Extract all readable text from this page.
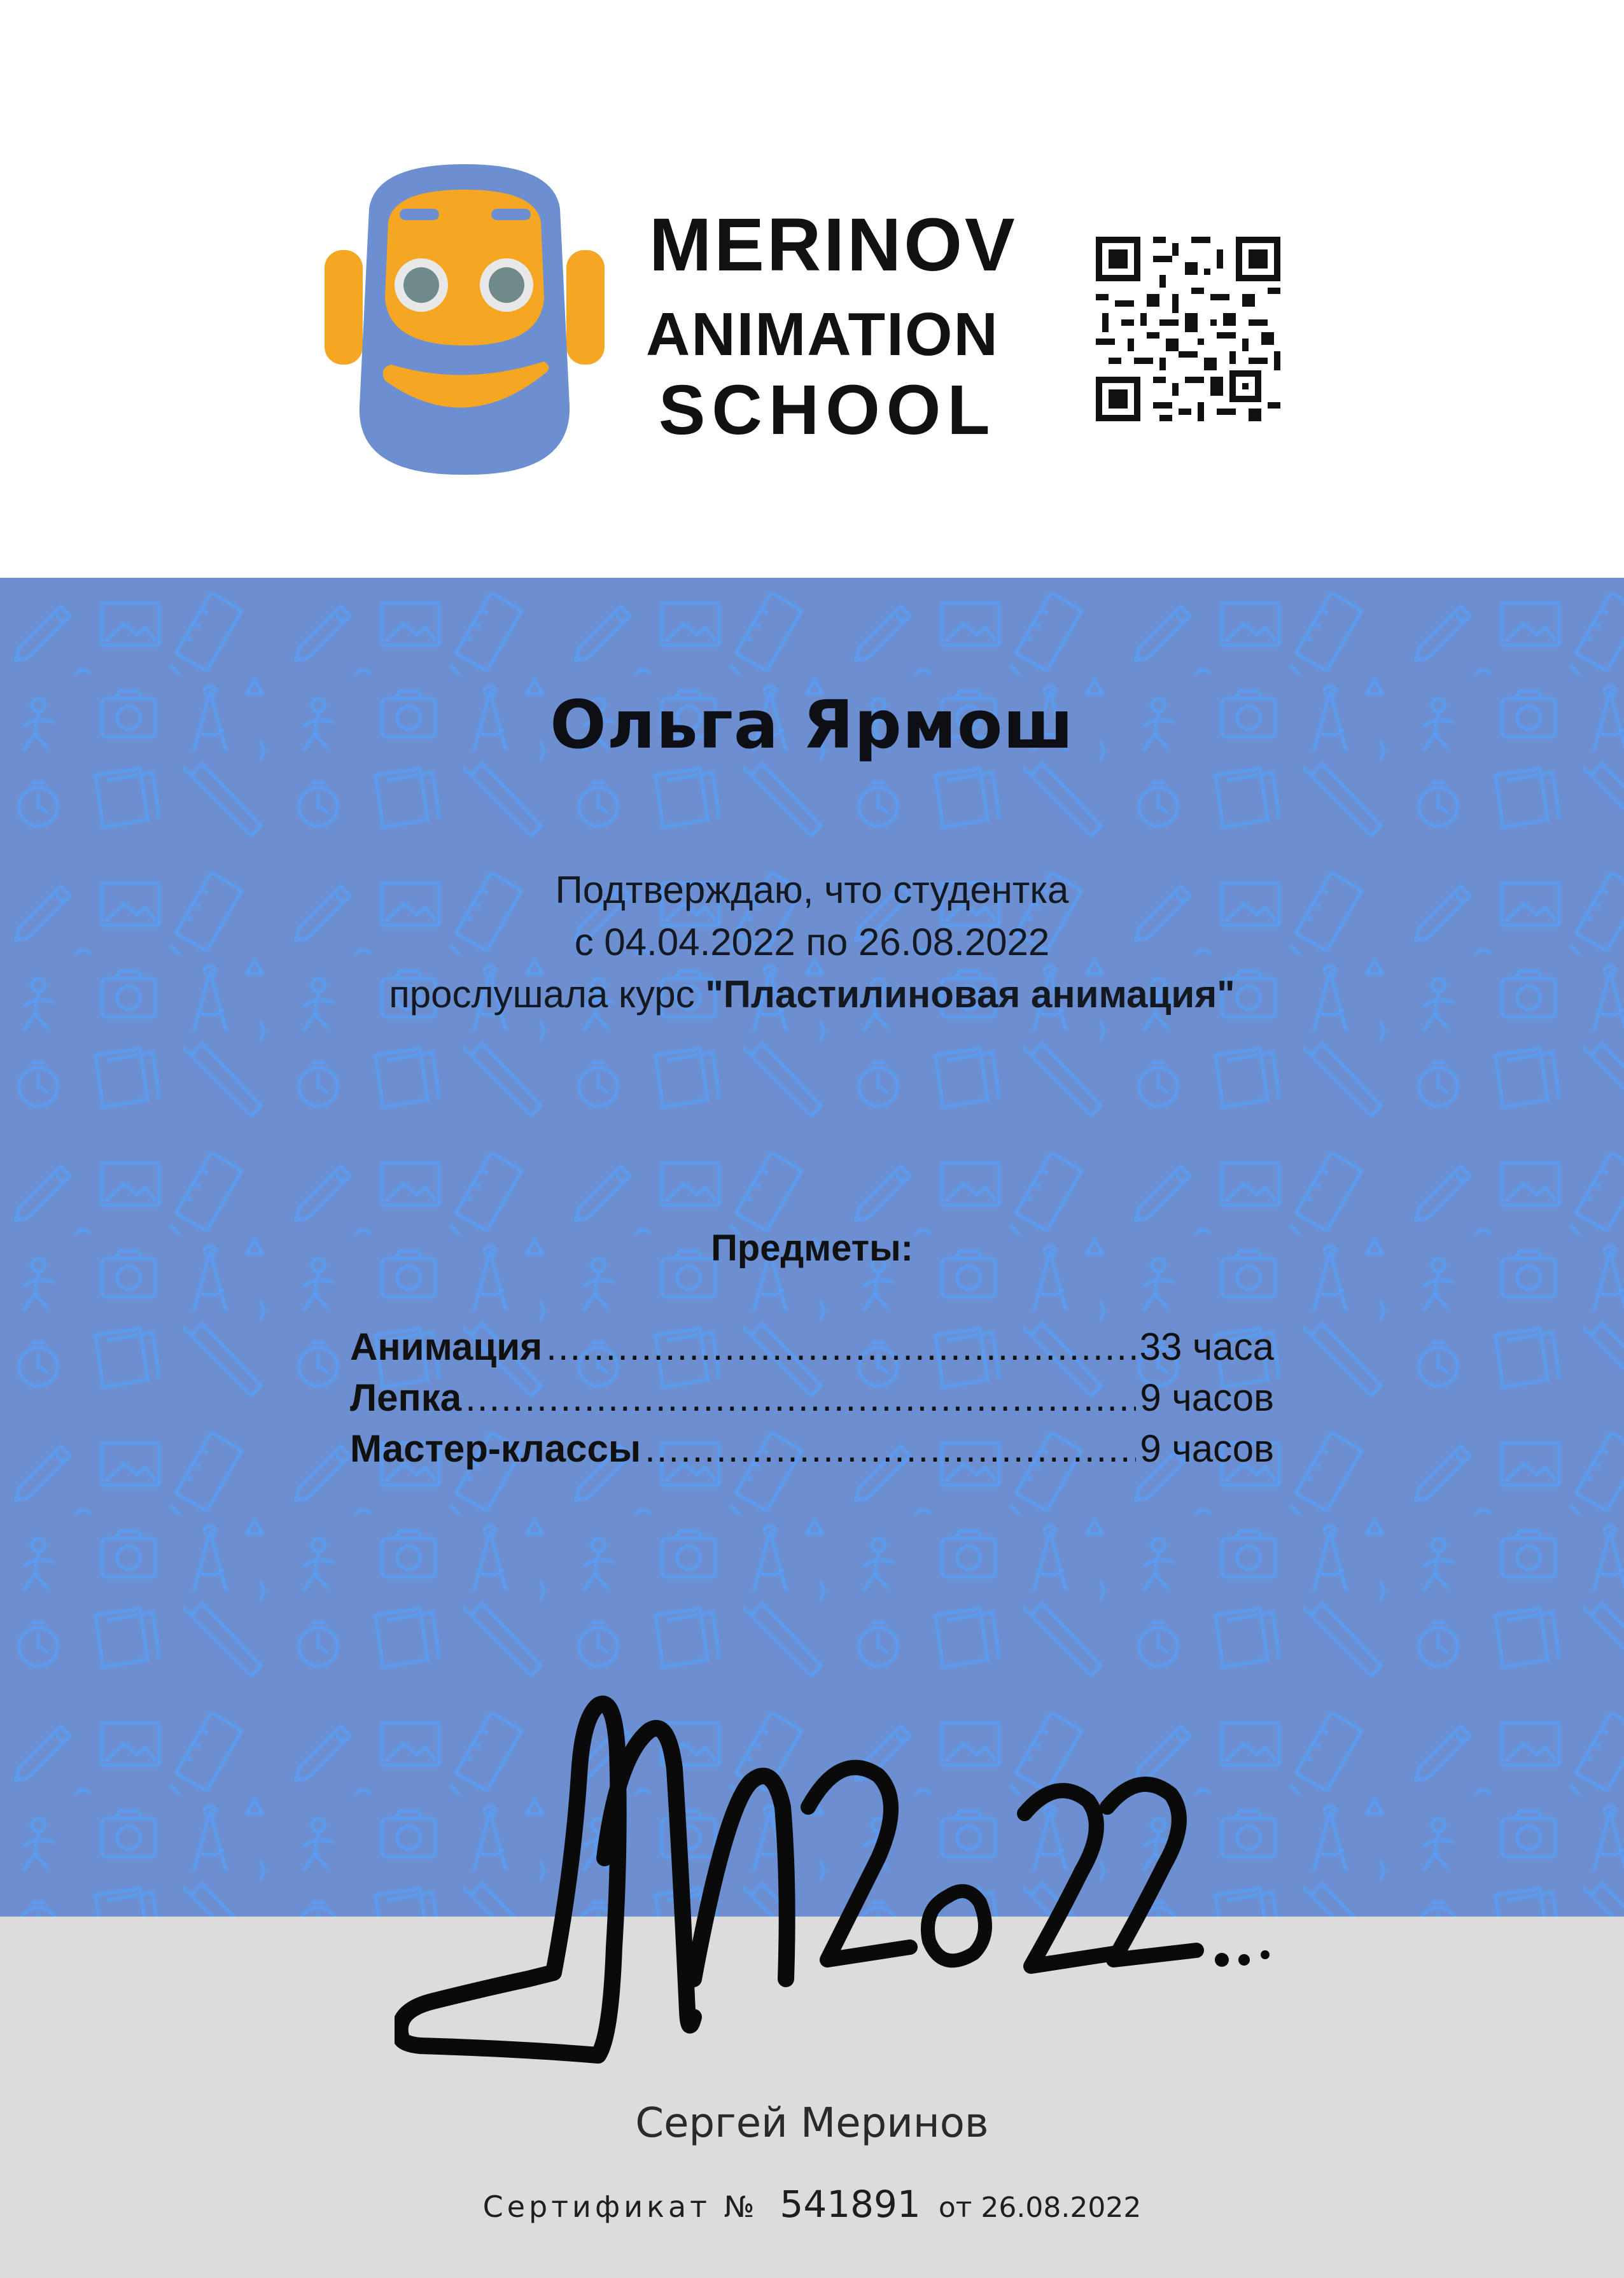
MERINOV
ANIMATION
SCHOOL
Ольга Ярмош
Подтверждаю, что студентка
с 04.04.2022 по 26.08.2022
прослушала курс "Пластилиновая анимация"
Предметы:
Анимация .....	33 часа
Лепка .....	9 часов
Мастер-классы .....	9 часов
Сергей Меринов
Сертификат № 541891 от 26.08.2022
